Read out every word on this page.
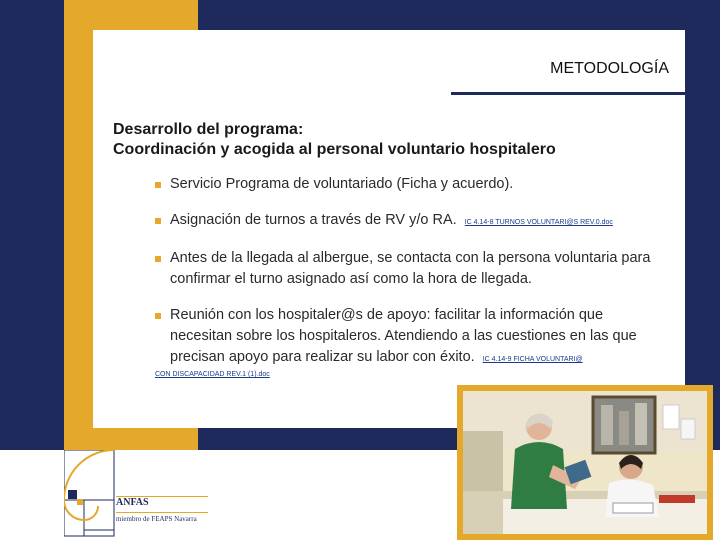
METODOLOGÍA

Desarrollo del programa:
Coordinación y acogida al personal voluntario hospitalero

Servicio Programa de voluntariado (Ficha y acuerdo).
Asignación de turnos a través de RV y/o RA. IC 4.14-8 TURNOS VOLUNTARI@S REV.0.doc
Antes de la llegada al albergue, se contacta con la persona voluntaria para confirmar el turno asignado así como la hora de llegada.
Reunión con los hospitaler@s de apoyo: facilitar la información que necesitan sobre los hospitaleros. Atendiendo a las cuestiones en las que precisan apoyo para realizar su labor con éxito. IC 4.14-9 FICHA VOLUNTARI@
CON DISCAPACIDAD REV.1 (1).doc
ANFAS
miembro de FEAPS Navarra
